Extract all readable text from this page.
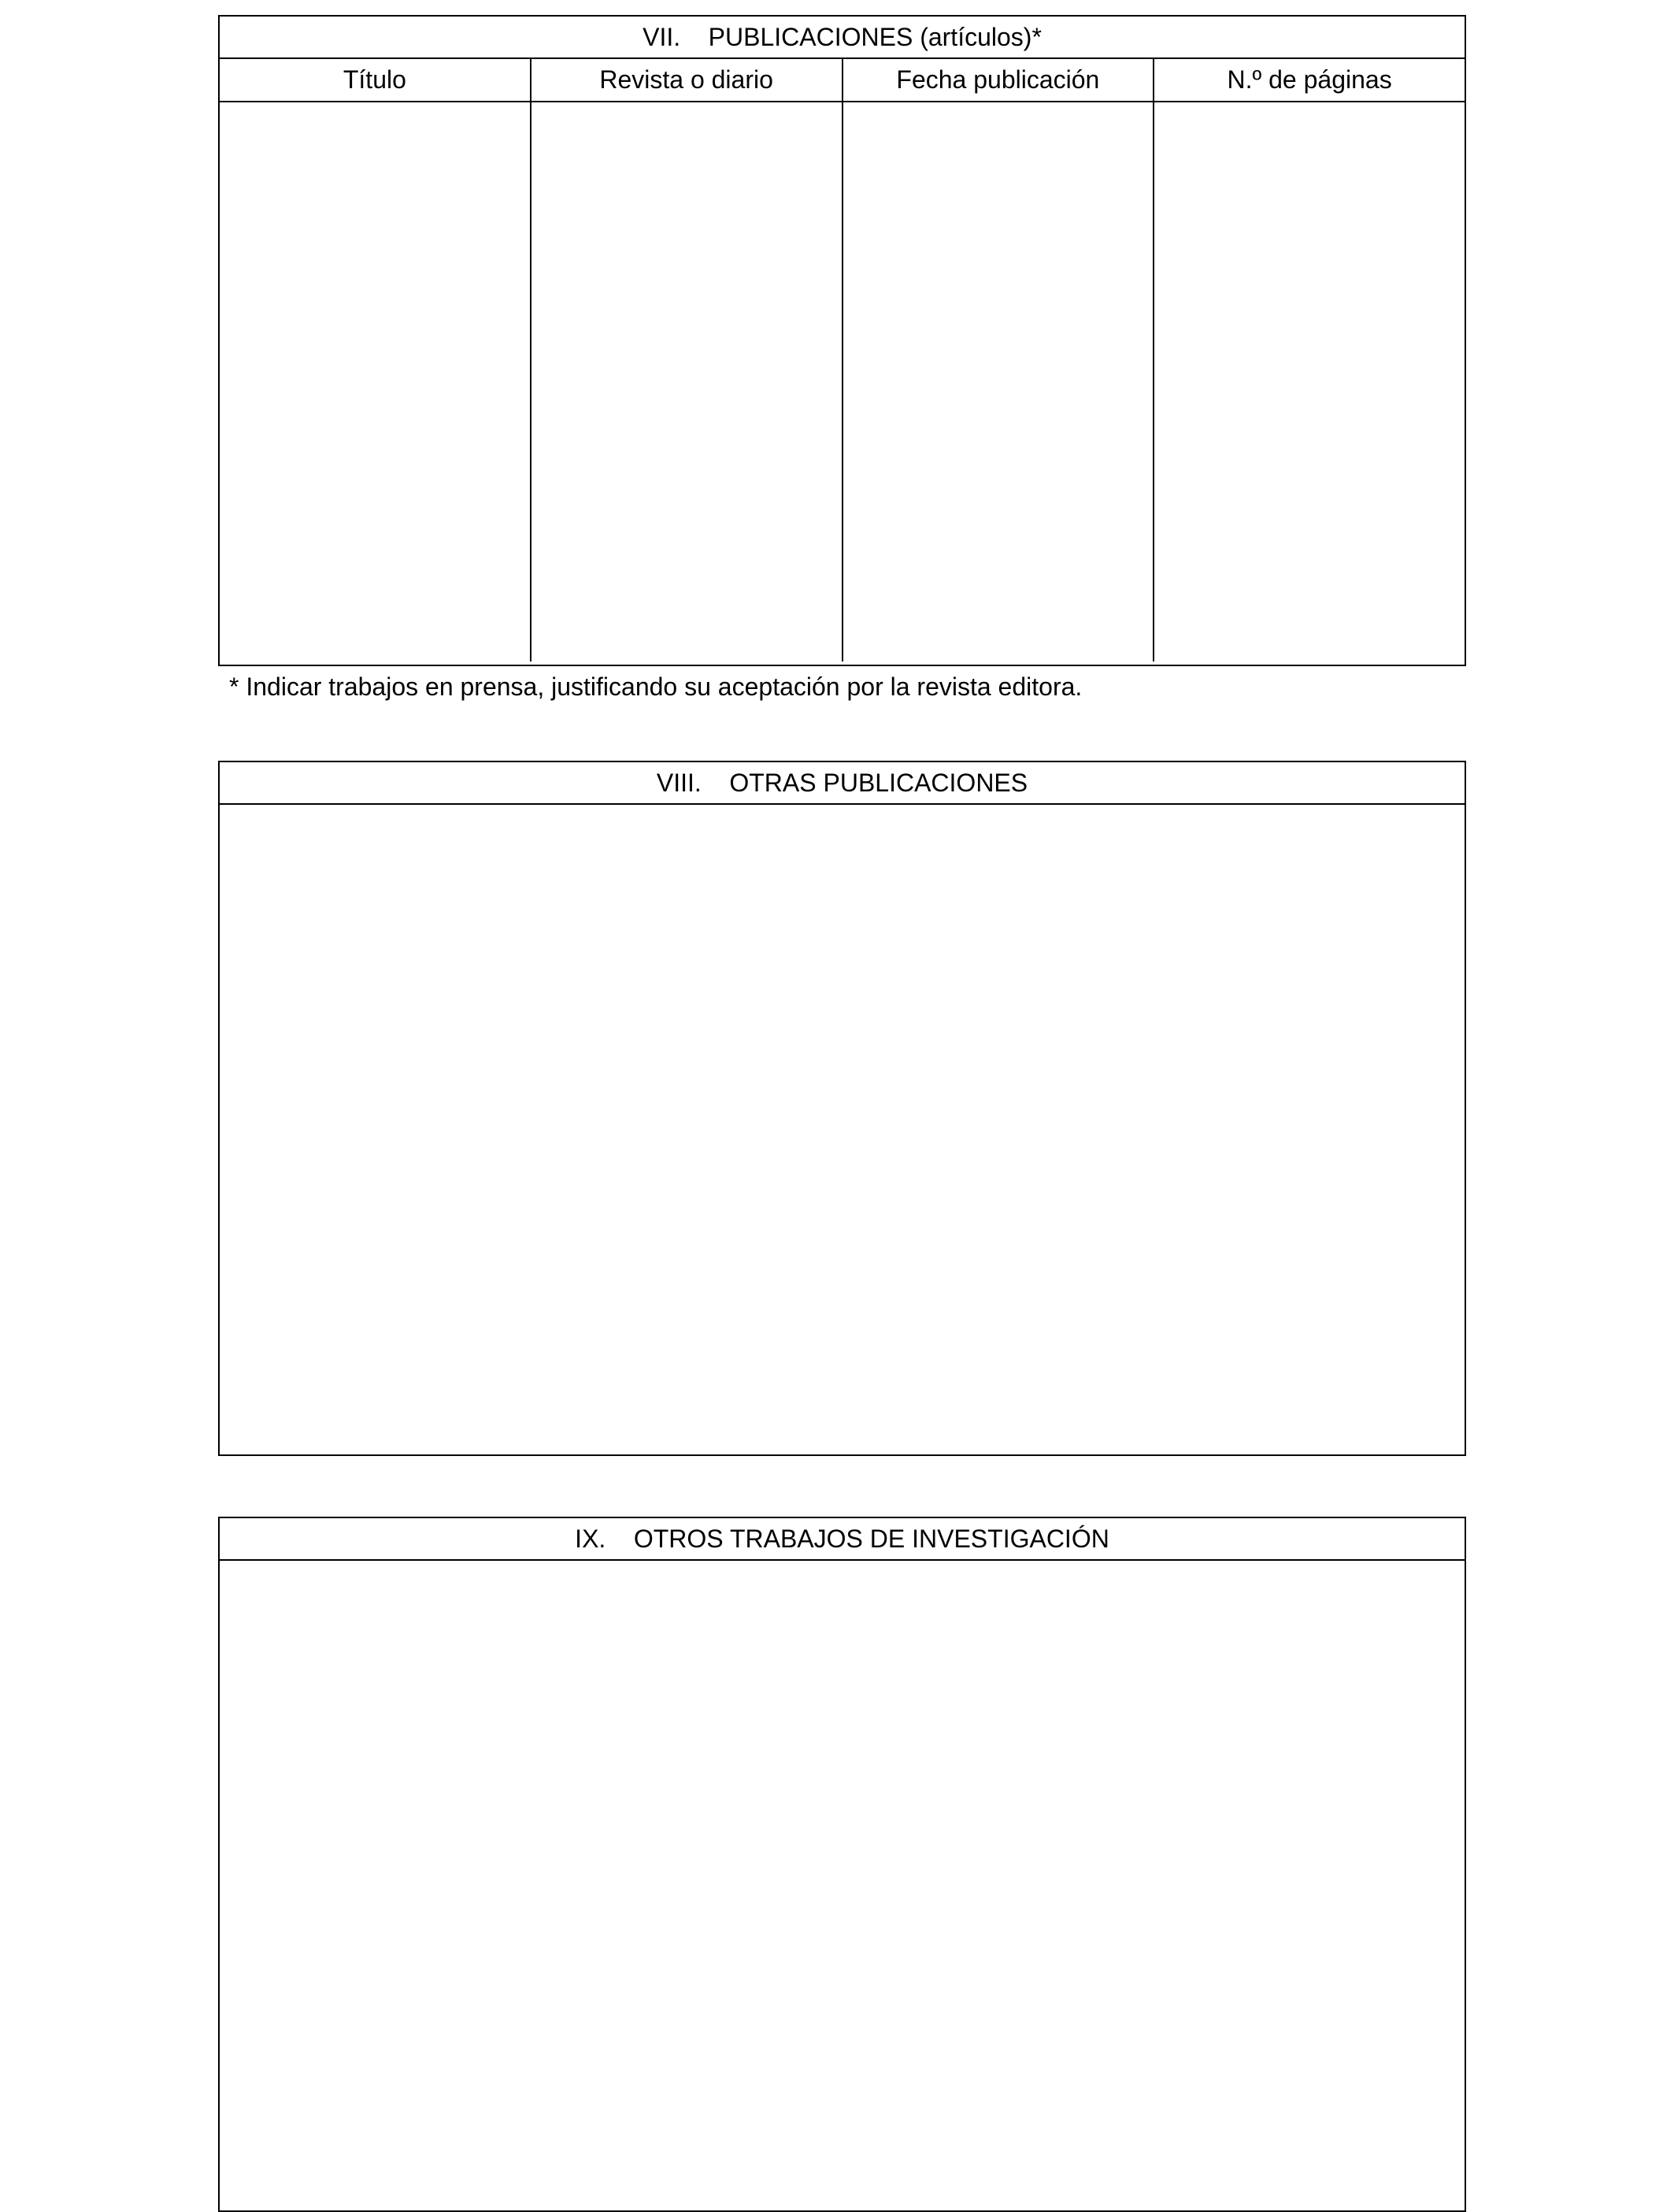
VII.    PUBLICACIONES (artículos)*
Título	Revista o diario	Fecha publicación	N.º de páginas
* Indicar trabajos en prensa, justificando su aceptación por la revista editora.
VIII.    OTRAS PUBLICACIONES
IX.    OTROS TRABAJOS DE INVESTIGACIÓN
